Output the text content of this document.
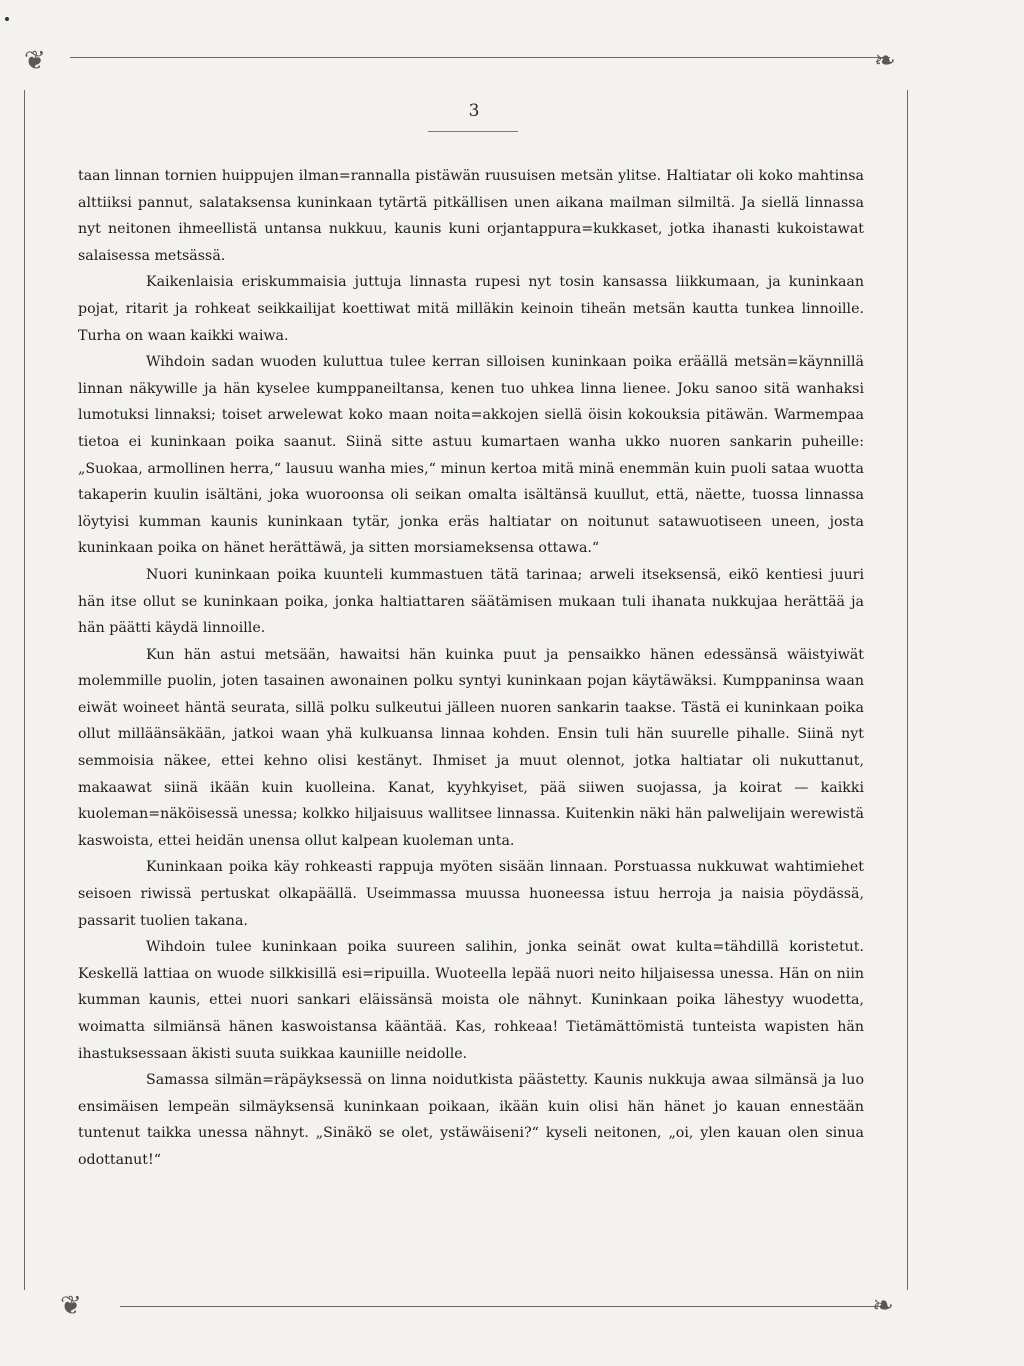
❦	❧
❦	❧
3

taan linnan tornien huippujen ilman=rannalla pistäwän ruusuisen metsän ylitse. Haltiatar oli koko mahtinsa alttiiksi pannut, salataksensa kuninkaan tytärtä pitkällisen unen aikana mailman silmiltä. Ja siellä linnassa nyt neitonen ihmeellistä untansa nukkuu, kaunis kuni orjantappura=kukkaset, jotka ihanasti kukoistawat salaisessa metsässä.

Kaikenlaisia eriskummaisia juttuja linnasta rupesi nyt tosin kansassa liikkumaan, ja kuninkaan pojat, ritarit ja rohkeat seikkailijat koettiwat mitä milläkin keinoin tiheän metsän kautta tunkea linnoille. Turha on waan kaikki waiwa.

Wihdoin sadan wuoden kuluttua tulee kerran silloisen kuninkaan poika eräällä metsän=käynnillä linnan näkywille ja hän kyselee kumppaneiltansa, kenen tuo uhkea linna lienee. Joku sanoo sitä wanhaksi lumotuksi linnaksi; toiset arwelewat koko maan noita=akkojen siellä öisin kokouksia pitäwän. Warmempaa tietoa ei kuninkaan poika saanut. Siinä sitte astuu kumartaen wanha ukko nuoren sankarin puheille: „Suokaa, armollinen herra,“ lausuu wanha mies,“ minun kertoa mitä minä enemmän kuin puoli sataa wuotta takaperin kuulin isältäni, joka wuoroonsa oli seikan omalta isältänsä kuullut, että, näette, tuossa linnassa löytyisi kumman kaunis kuninkaan tytär, jonka eräs haltiatar on noitunut satawuotiseen uneen, josta kuninkaan poika on hänet herättäwä, ja sitten morsiameksensa ottawa.“

Nuori kuninkaan poika kuunteli kummastuen tätä tarinaa; arweli itseksensä, eikö kentiesi juuri hän itse ollut se kuninkaan poika, jonka haltiattaren säätämisen mukaan tuli ihanata nukkujaa herättää ja hän päätti käydä linnoille.

Kun hän astui metsään, hawaitsi hän kuinka puut ja pensaikko hänen edessänsä wäistyiwät molemmille puolin, joten tasainen awonainen polku syntyi kuninkaan pojan käytäwäksi. Kumppaninsa waan eiwät woineet häntä seurata, sillä polku sulkeutui jälleen nuoren sankarin taakse. Tästä ei kuninkaan poika ollut milläänsäkään, jatkoi waan yhä kulkuansa linnaa kohden. Ensin tuli hän suurelle pihalle. Siinä nyt semmoisia näkee, ettei kehno olisi kestänyt. Ihmiset ja muut olennot, jotka haltiatar oli nukuttanut, makaawat siinä ikään kuin kuolleina. Kanat, kyyhkyiset, pää siiwen suojassa, ja koirat — kaikki kuoleman=näköisessä unessa; kolkko hiljaisuus wallitsee linnassa. Kuitenkin näki hän palwelijain werewistä kaswoista, ettei heidän unensa ollut kalpean kuoleman unta.

Kuninkaan poika käy rohkeasti rappuja myöten sisään linnaan. Porstuassa nukkuwat wahtimiehet seisoen riwissä pertuskat olkapäällä. Useimmassa muussa huoneessa istuu herroja ja naisia pöydässä, passarit tuolien takana.

Wihdoin tulee kuninkaan poika suureen salihin, jonka seinät owat kulta=tähdillä koristetut. Keskellä lattiaa on wuode silkkisillä esi=ripuilla. Wuoteella lepää nuori neito hiljaisessa unessa. Hän on niin kumman kaunis, ettei nuori sankari eläissänsä moista ole nähnyt. Kuninkaan poika lähestyy wuodetta, woimatta silmiänsä hänen kaswoistansa kääntää. Kas, rohkeaa! Tietämättömistä tunteista wapisten hän ihastuksessaan äkisti suuta suikkaa kauniille neidolle.

Samassa silmän=räpäyksessä on linna noidutkista päästetty. Kaunis nukkuja awaa silmänsä ja luo ensimäisen lempeän silmäyksensä kuninkaan poikaan, ikään kuin olisi hän hänet jo kauan ennestään tuntenut taikka unessa nähnyt. „Sinäkö se olet, ystäwäiseni?“ kyseli neitonen, „oi, ylen kauan olen sinua odottanut!“
